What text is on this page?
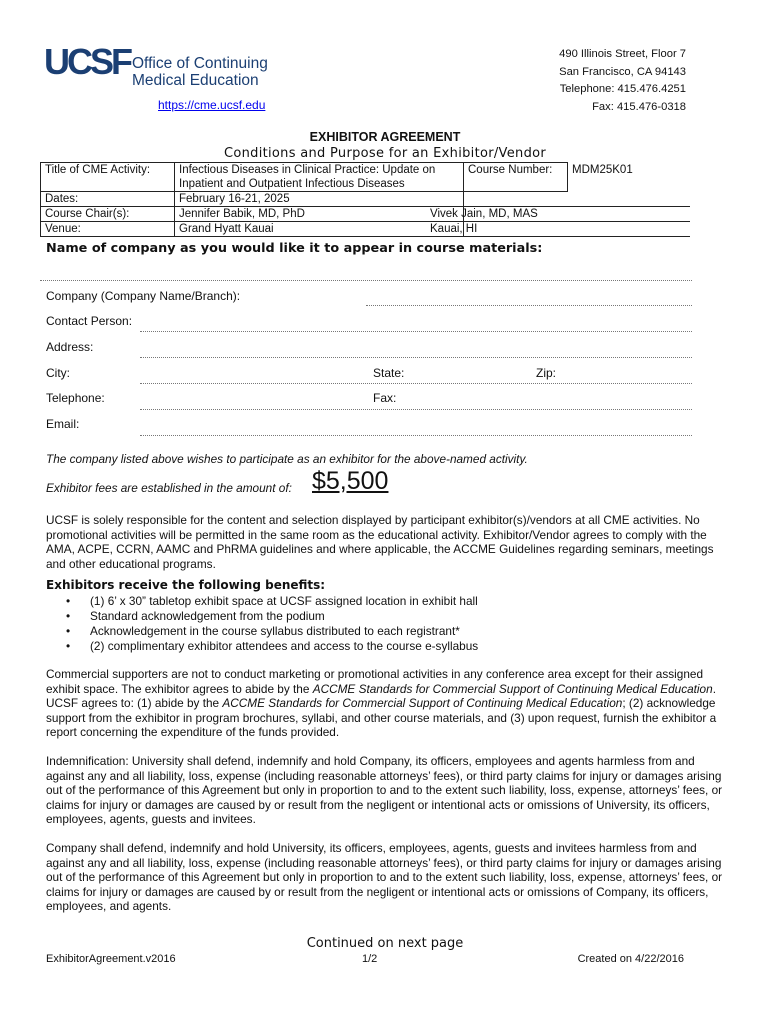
UCSF Office of Continuing
Medical Education
https://cme.ucsf.edu
490 Illinois Street, Floor 7
San Francisco, CA 94143
Telephone: 415.476.4251
Fax: 415.476-0318
EXHIBITOR AGREEMENT
Conditions and Purpose for an Exhibitor/Vendor
Title of CME Activity:	Infectious Diseases in Clinical Practice: Update on
Inpatient and Outpatient Infectious Diseases	Course Number:	MDM25K01
Dates:	February 16-21, 2025		
Course Chair(s):	Jennifer Babik, MD, PhD	Vivek Jain, MD, MAS	
Venue:	Grand Hyatt Kauai	Kauai, HI	
Name of company as you would like it to appear in course materials:
Company (Company Name/Branch):
Contact Person:
Address:
City:	State:	Zip:
Telephone:	Fax:
Email:
The company listed above wishes to participate as an exhibitor for the above-named activity.
Exhibitor fees are established in the amount of: $5,500
UCSF is solely responsible for the content and selection displayed by participant exhibitor(s)/vendors at all CME activities. No promotional activities will be permitted in the same room as the educational activity. Exhibitor/Vendor agrees to comply with the AMA, ACPE, CCRN, AAMC and PhRMA guidelines and where applicable, the ACCME Guidelines regarding seminars, meetings and other educational programs.
Exhibitors receive the following benefits:
• (1) 6’ x 30” tabletop exhibit space at UCSF assigned location in exhibit hall
• Standard acknowledgement from the podium
• Acknowledgement in the course syllabus distributed to each registrant*
• (2) complimentary exhibitor attendees and access to the course e-syllabus
Commercial supporters are not to conduct marketing or promotional activities in any conference area except for their assigned exhibit space. The exhibitor agrees to abide by the ACCME Standards for Commercial Support of Continuing Medical Education. UCSF agrees to: (1) abide by the ACCME Standards for Commercial Support of Continuing Medical Education; (2) acknowledge support from the exhibitor in program brochures, syllabi, and other course materials, and (3) upon request, furnish the exhibitor a report concerning the expenditure of the funds provided.
Indemnification: University shall defend, indemnify and hold Company, its officers, employees and agents harmless from and against any and all liability, loss, expense (including reasonable attorneys’ fees), or third party claims for injury or damages arising out of the performance of this Agreement but only in proportion to and to the extent such liability, loss, expense, attorneys’ fees, or claims for injury or damages are caused by or result from the negligent or intentional acts or omissions of University, its officers, employees, agents, guests and invitees.
Company shall defend, indemnify and hold University, its officers, employees, agents, guests and invitees harmless from and against any and all liability, loss, expense (including reasonable attorneys’ fees), or third party claims for injury or damages arising out of the performance of this Agreement but only in proportion to and to the extent such liability, loss, expense, attorneys’ fees, or claims for injury or damages are caused by or result from the negligent or intentional acts or omissions of Company, its officers, employees, and agents.
Continued on next page
ExhibitorAgreement.v2016	1/2	Created on 4/22/2016
